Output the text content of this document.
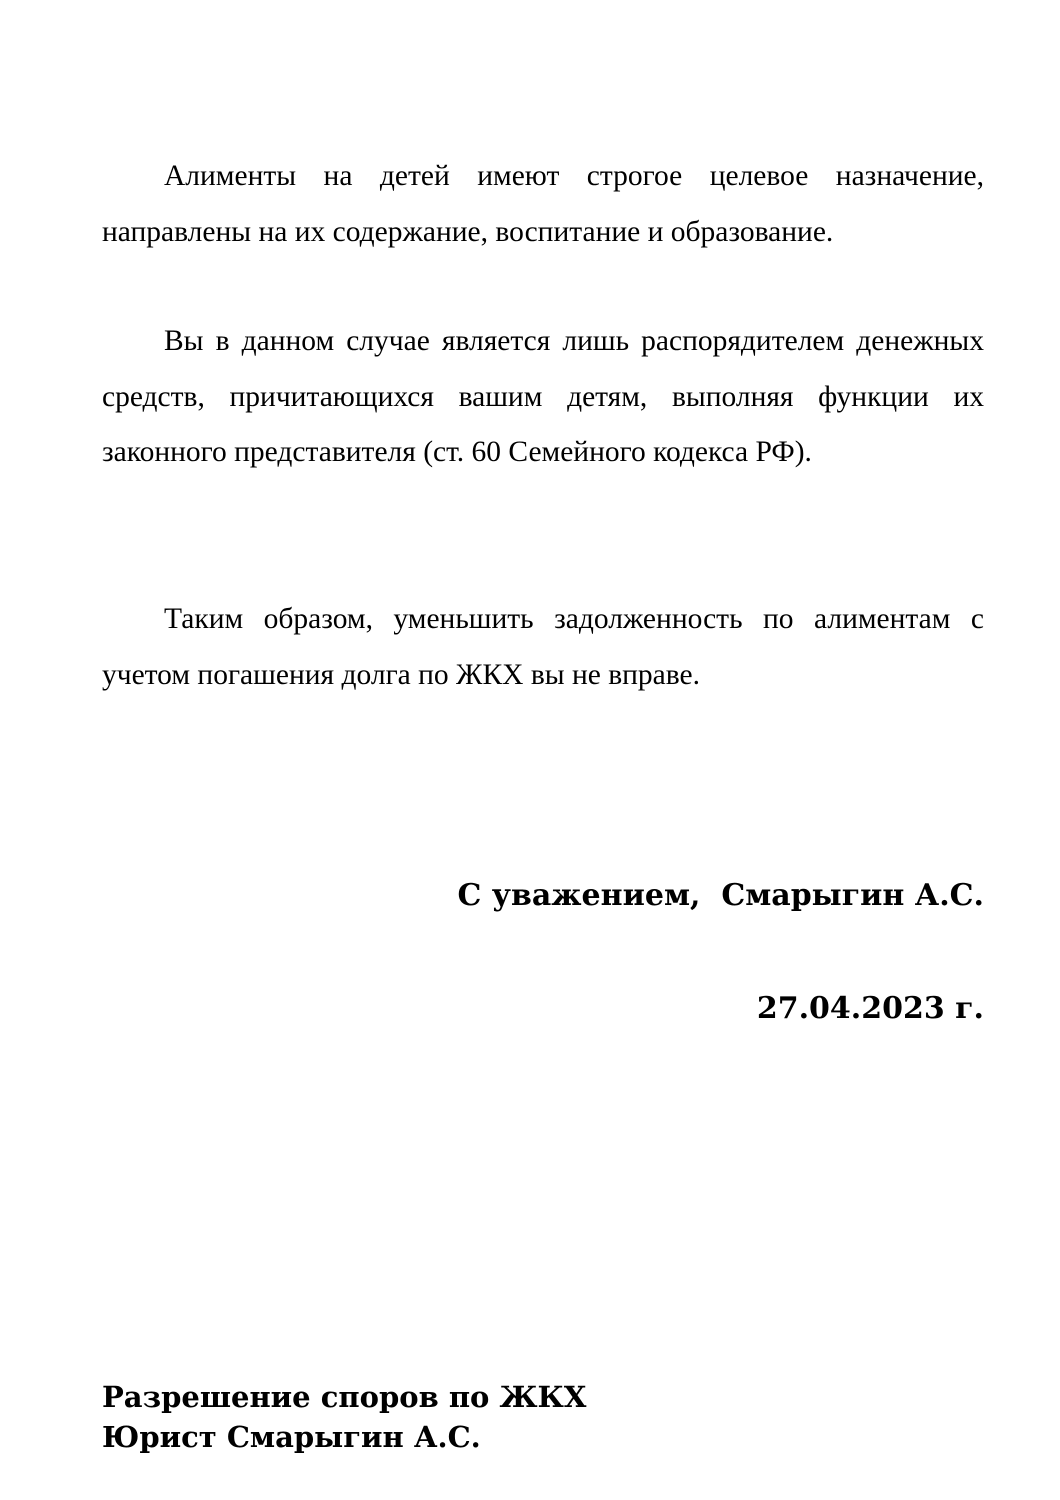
Алименты на детей имеют строгое целевое назначение, направлены на их содержание, воспитание и образование.

Вы в данном случае является лишь распорядителем денежных средств, причитающихся вашим детям, выполняя функции их законного представителя (ст. 60 Семейного кодекса РФ).

Таким образом, уменьшить задолженность по алиментам с учетом погашения долга по ЖКХ вы не вправе.

С уважением,  Смарыгин А.С.

27.04.2023 г.

Разрешение споров по ЖКХ
Юрист Смарыгин А.С.
